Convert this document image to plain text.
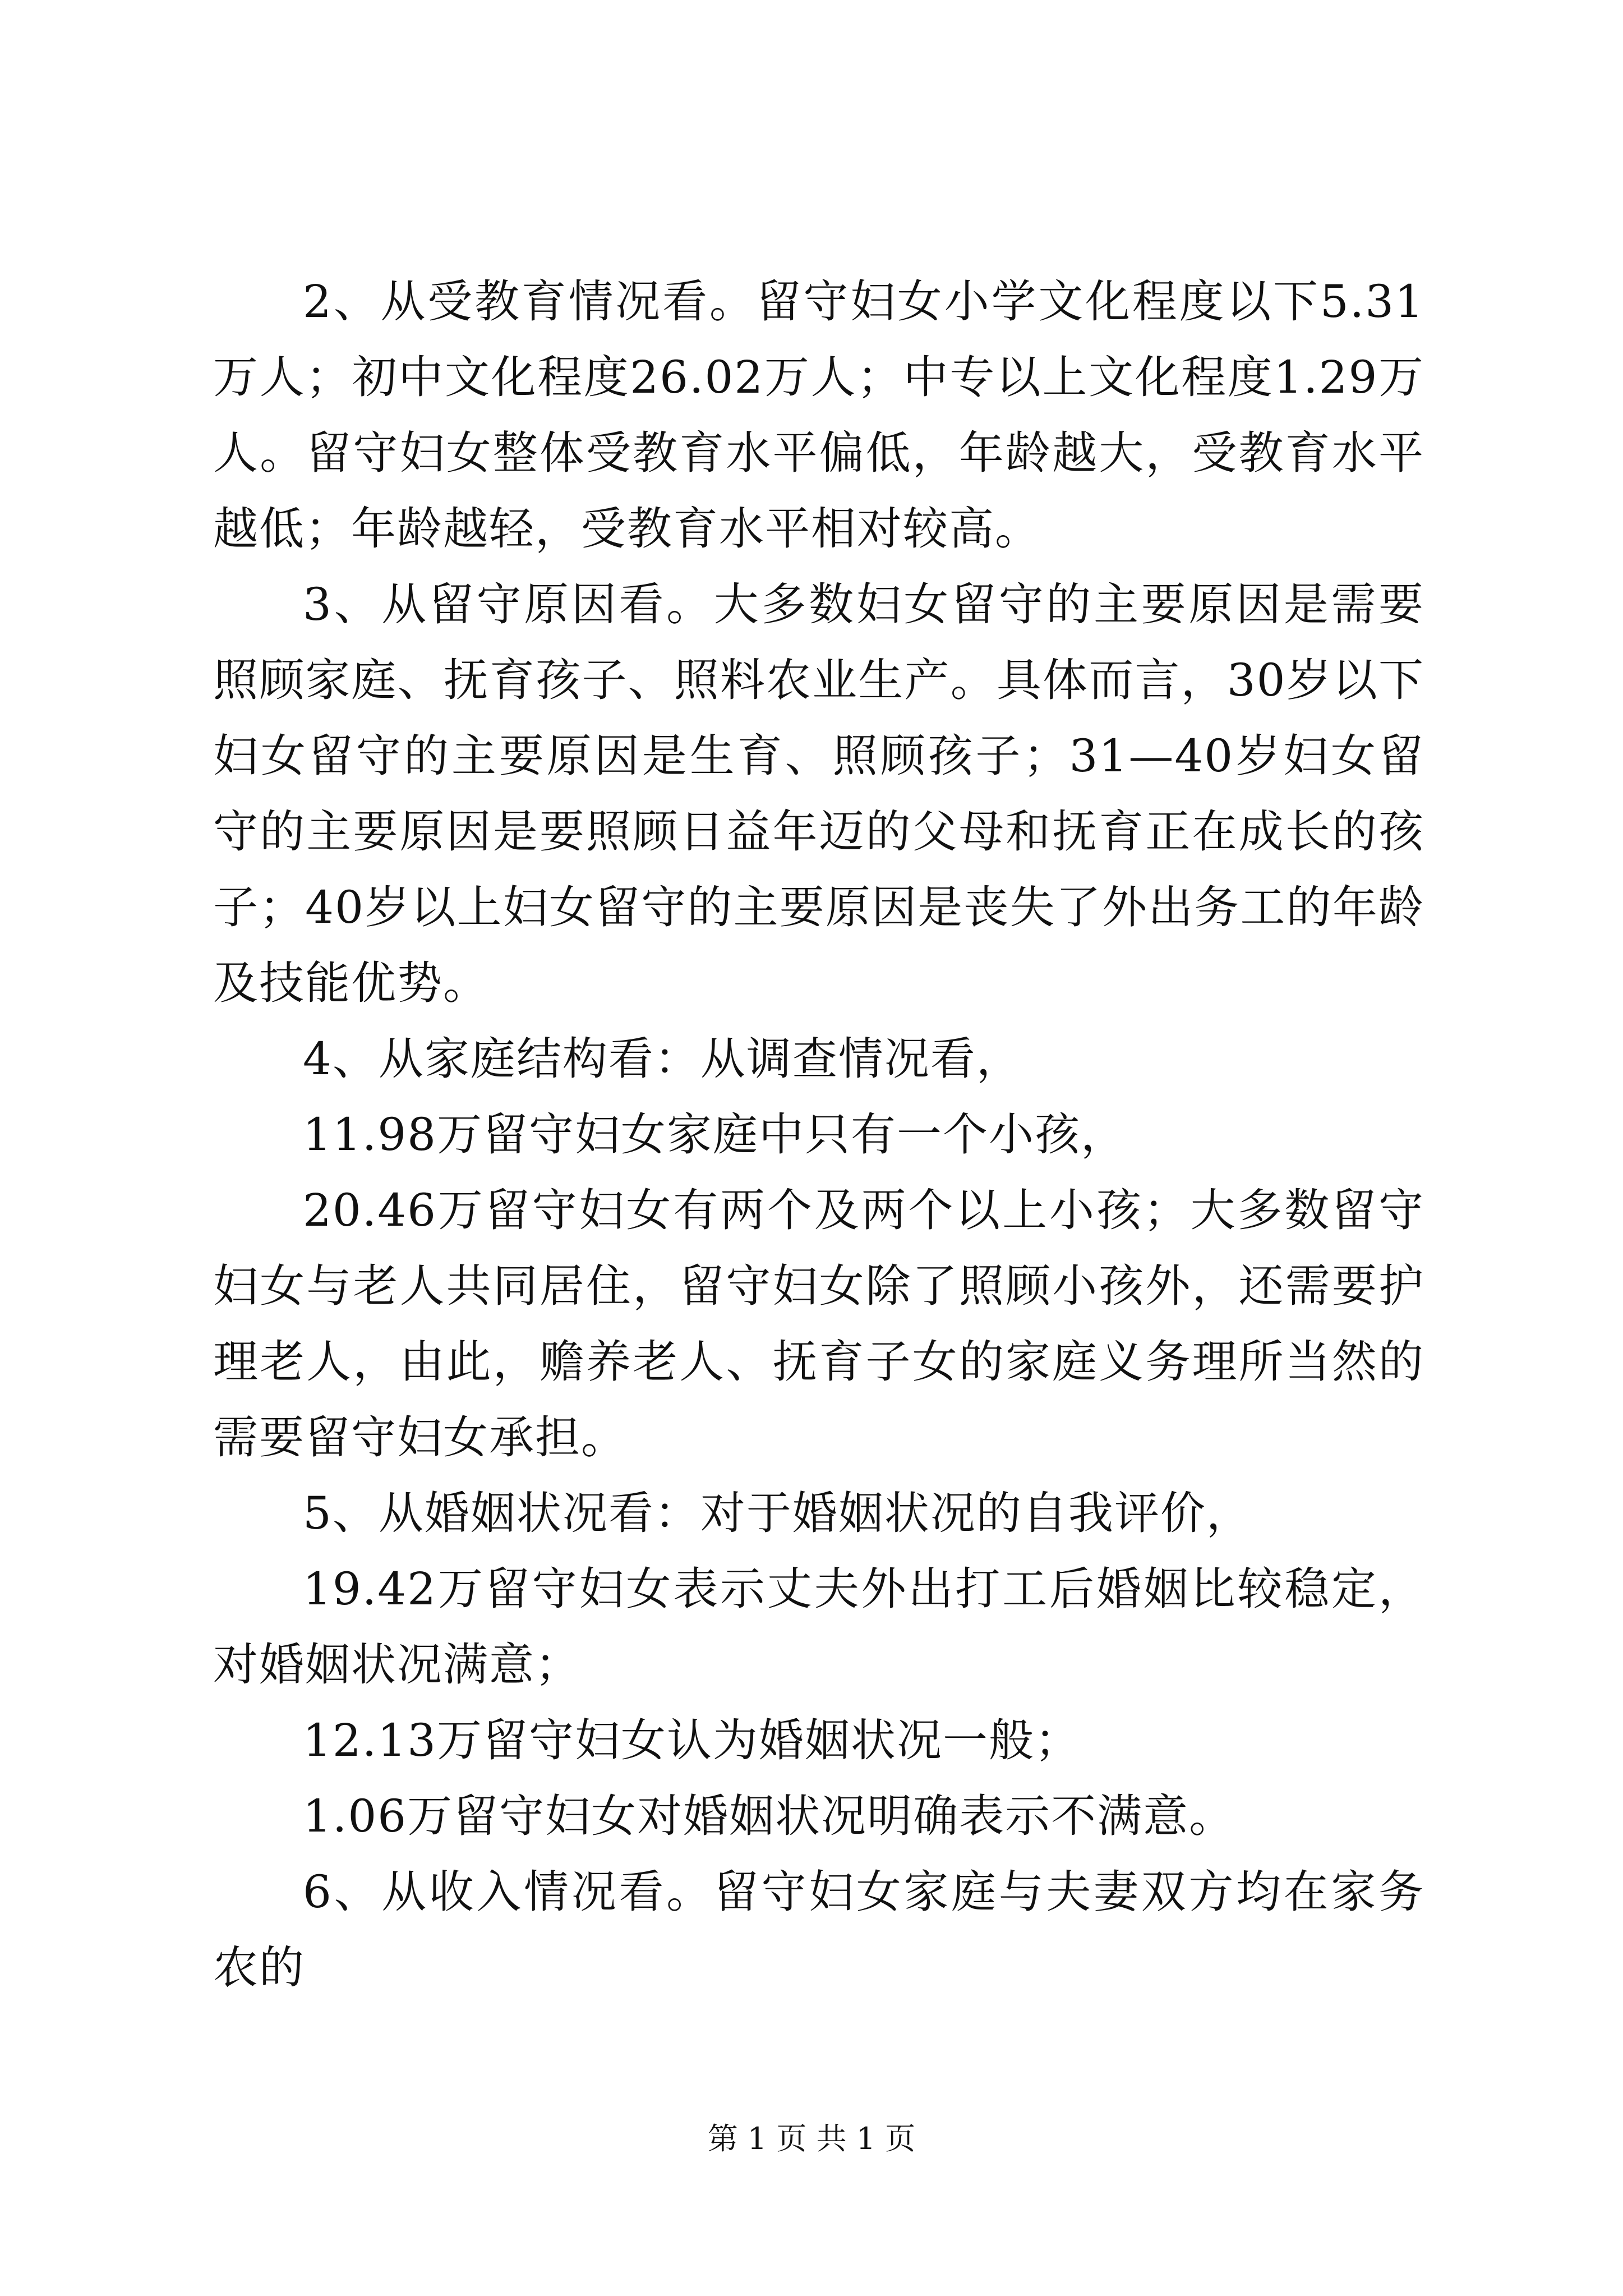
2、从受教育情况看。留守妇女小学文化程度以下5.31万人；初中文化程度26.02万人；中专以上文化程度1.29万人。留守妇女整体受教育水平偏低，年龄越大，受教育水平越低；年龄越轻，受教育水平相对较高。

3、从留守原因看。大多数妇女留守的主要原因是需要照顾家庭、抚育孩子、照料农业生产。具体而言，30岁以下妇女留守的主要原因是生育、照顾孩子；31—40岁妇女留守的主要原因是要照顾日益年迈的父母和抚育正在成长的孩子；40岁以上妇女留守的主要原因是丧失了外出务工的年龄及技能优势。

4、从家庭结构看：从调查情况看，

11.98万留守妇女家庭中只有一个小孩，

20.46万留守妇女有两个及两个以上小孩；大多数留守妇女与老人共同居住，留守妇女除了照顾小孩外，还需要护理老人，由此，赡养老人、抚育子女的家庭义务理所当然的需要留守妇女承担。

5、从婚姻状况看：对于婚姻状况的自我评价，

19.42万留守妇女表示丈夫外出打工后婚姻比较稳定，对婚姻状况满意；

12.13万留守妇女认为婚姻状况一般；

1.06万留守妇女对婚姻状况明确表示不满意。

6、从收入情况看。留守妇女家庭与夫妻双方均在家务农的

第 1 页 共 1 页
